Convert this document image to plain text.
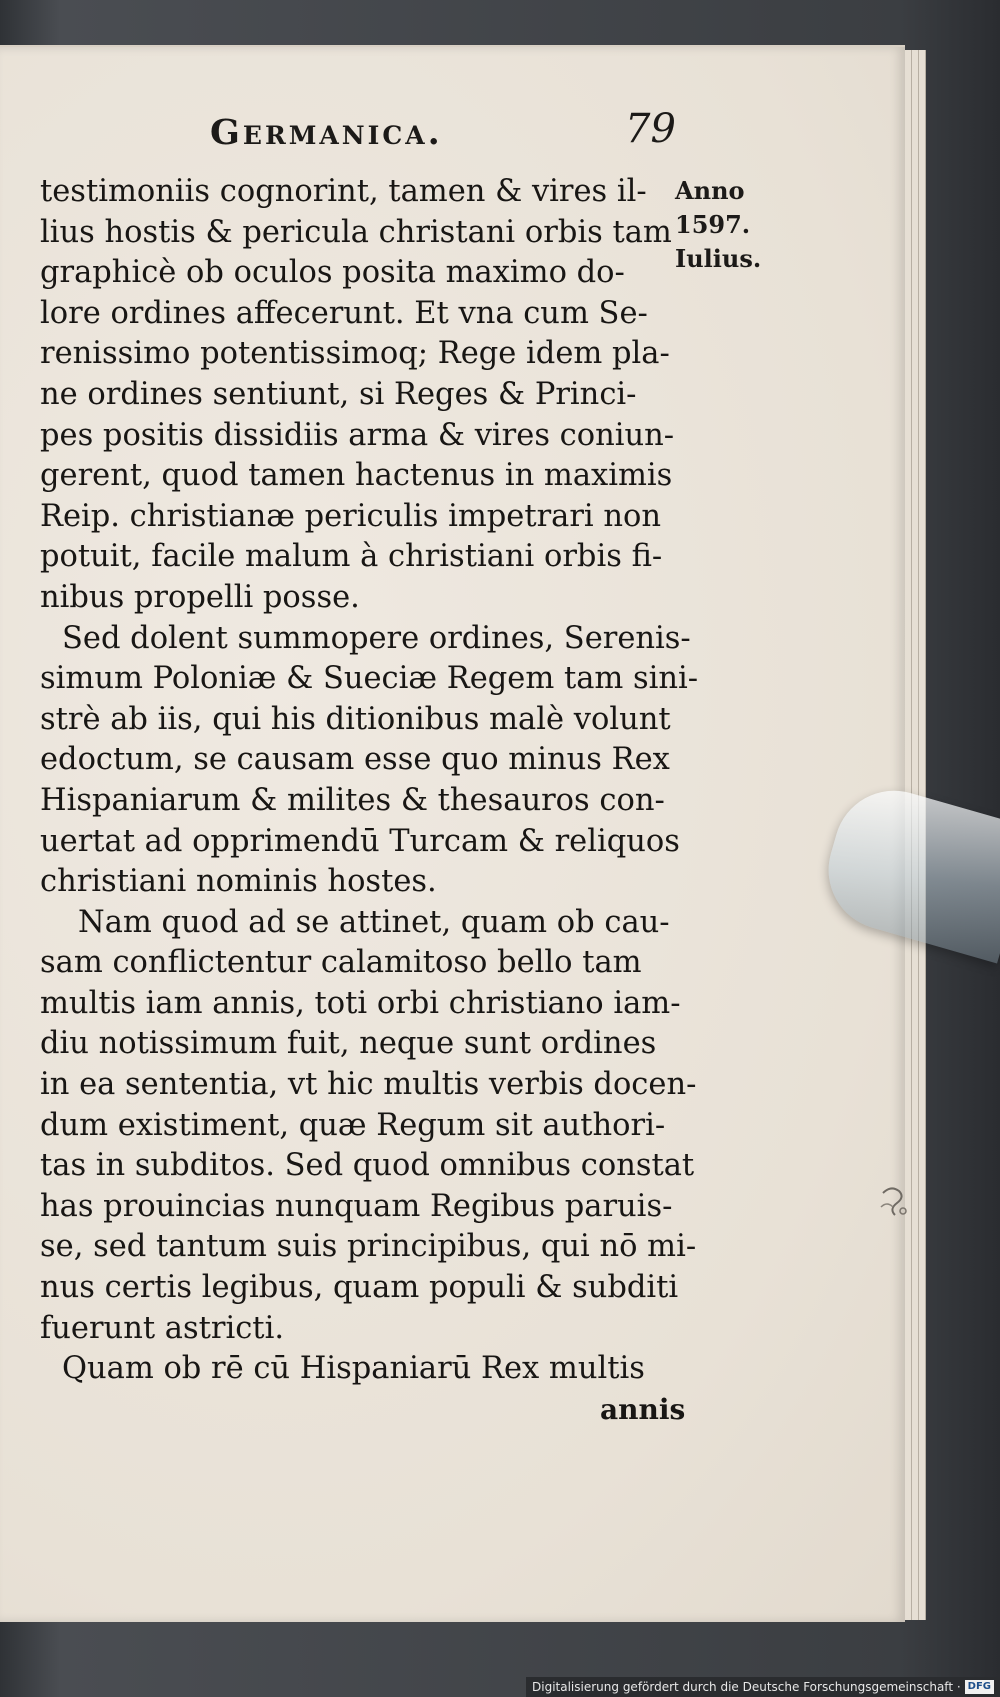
Germanica.	79
Anno
1597.
Iulius.
testimoniis cognorint, tamen & vires il-
lius hostis & pericula christani orbis tam
graphicè ob oculos posita maximo do-
lore ordines affecerunt. Et vna cum Se-
renissimo potentissimoq; Rege idem pla-
ne ordines sentiunt, si Reges & Princi-
pes positis dissidiis arma & vires coniun-
gerent, quod tamen hactenus in maximis
Reip. christianæ periculis impetrari non
potuit, facile malum à christiani orbis fi-
nibus propelli posse.
Sed dolent summopere ordines, Serenis-
simum Poloniæ & Sueciæ Regem tam sini-
strè ab iis, qui his ditionibus malè volunt
edoctum, se causam esse quo minus Rex
Hispaniarum & milites & thesauros con-
uertat ad opprimendū Turcam & reliquos
christiani nominis hostes.
Nam quod ad se attinet, quam ob cau-
sam conflictentur calamitoso bello tam
multis iam annis, toti orbi christiano iam-
diu notissimum fuit, neque sunt ordines
in ea sententia, vt hic multis verbis docen-
dum existiment, quæ Regum sit authori-
tas in subditos. Sed quod omnibus constat
has prouincias nunquam Regibus paruis-
se, sed tantum suis principibus, qui nō mi-
nus certis legibus, quam populi & subditi
fuerunt astricti.
Quam ob rē cū Hispaniarū Rex multis
annis
Digitalisierung gefördert durch die Deutsche Forschungsgemeinschaft · DFG
